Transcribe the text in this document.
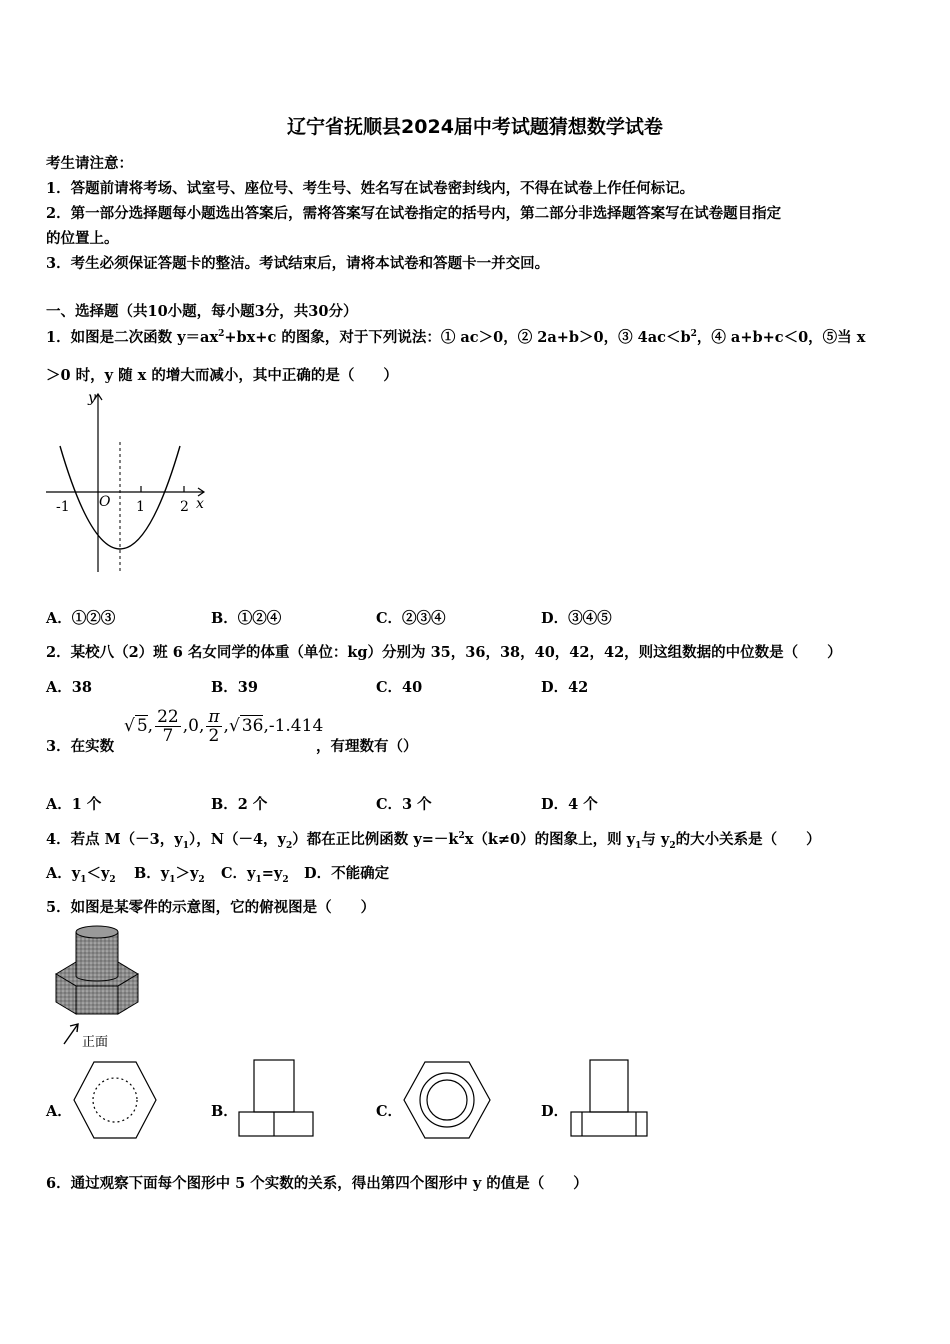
辽宁省抚顺县2024届中考试题猜想数学试卷
考生请注意：
1．答题前请将考场、试室号、座位号、考生号、姓名写在试卷密封线内，不得在试卷上作任何标记。
2．第一部分选择题每小题选出答案后，需将答案写在试卷指定的括号内，第二部分非选择题答案写在试卷题目指定
的位置上。
3．考生必须保证答题卡的整洁。考试结束后，请将本试卷和答题卡一并交回。
一、选择题（共10小题，每小题3分，共30分）
1．如图是二次函数 $y=ax^2+bx+c$ 的图象，对于下列说法：① ac＞0，② 2a+b＞0，③ $4ac<b^2$，④ a+b+c＜0，⑤当 x
＞0 时，y 随 x 的增大而减小，其中正确的是（　　）
y
x
O
-1	1	2
A．①②③	B．①②④	C．②③④	D．③④⑤
2．某校八（2）班 6 名女同学的体重（单位：kg）分别为 35，36，38，40，42，42，则这组数据的中位数是（　　）
A．38	B．39	C．40	D．42
3．在实数
√ 5, $\frac{22}{7} ,0$, $\frac{\pi}{2}$ ,√ 36,-1.414
，有理数有（）
A．1 个	B．2 个	C．3 个	D．4 个
4．若点 M（－3，$y_1$），N（－4，$y_2$）都在正比例函数 $y=-k^2x(k\ne 0)$的图象上，则 $y_1$与 $y_2$的大小关系是（　　）
A．$y_1<y_2$ B．$y_1>y_2$ C．$y_1=y_2$ D．不能确定
5．如图是某零件的示意图，它的俯视图是（　　）
正面
A．	B．	C．	D．
6．通过观察下面每个图形中 5 个实数的关系，得出第四个图形中 y 的值是（　　）
